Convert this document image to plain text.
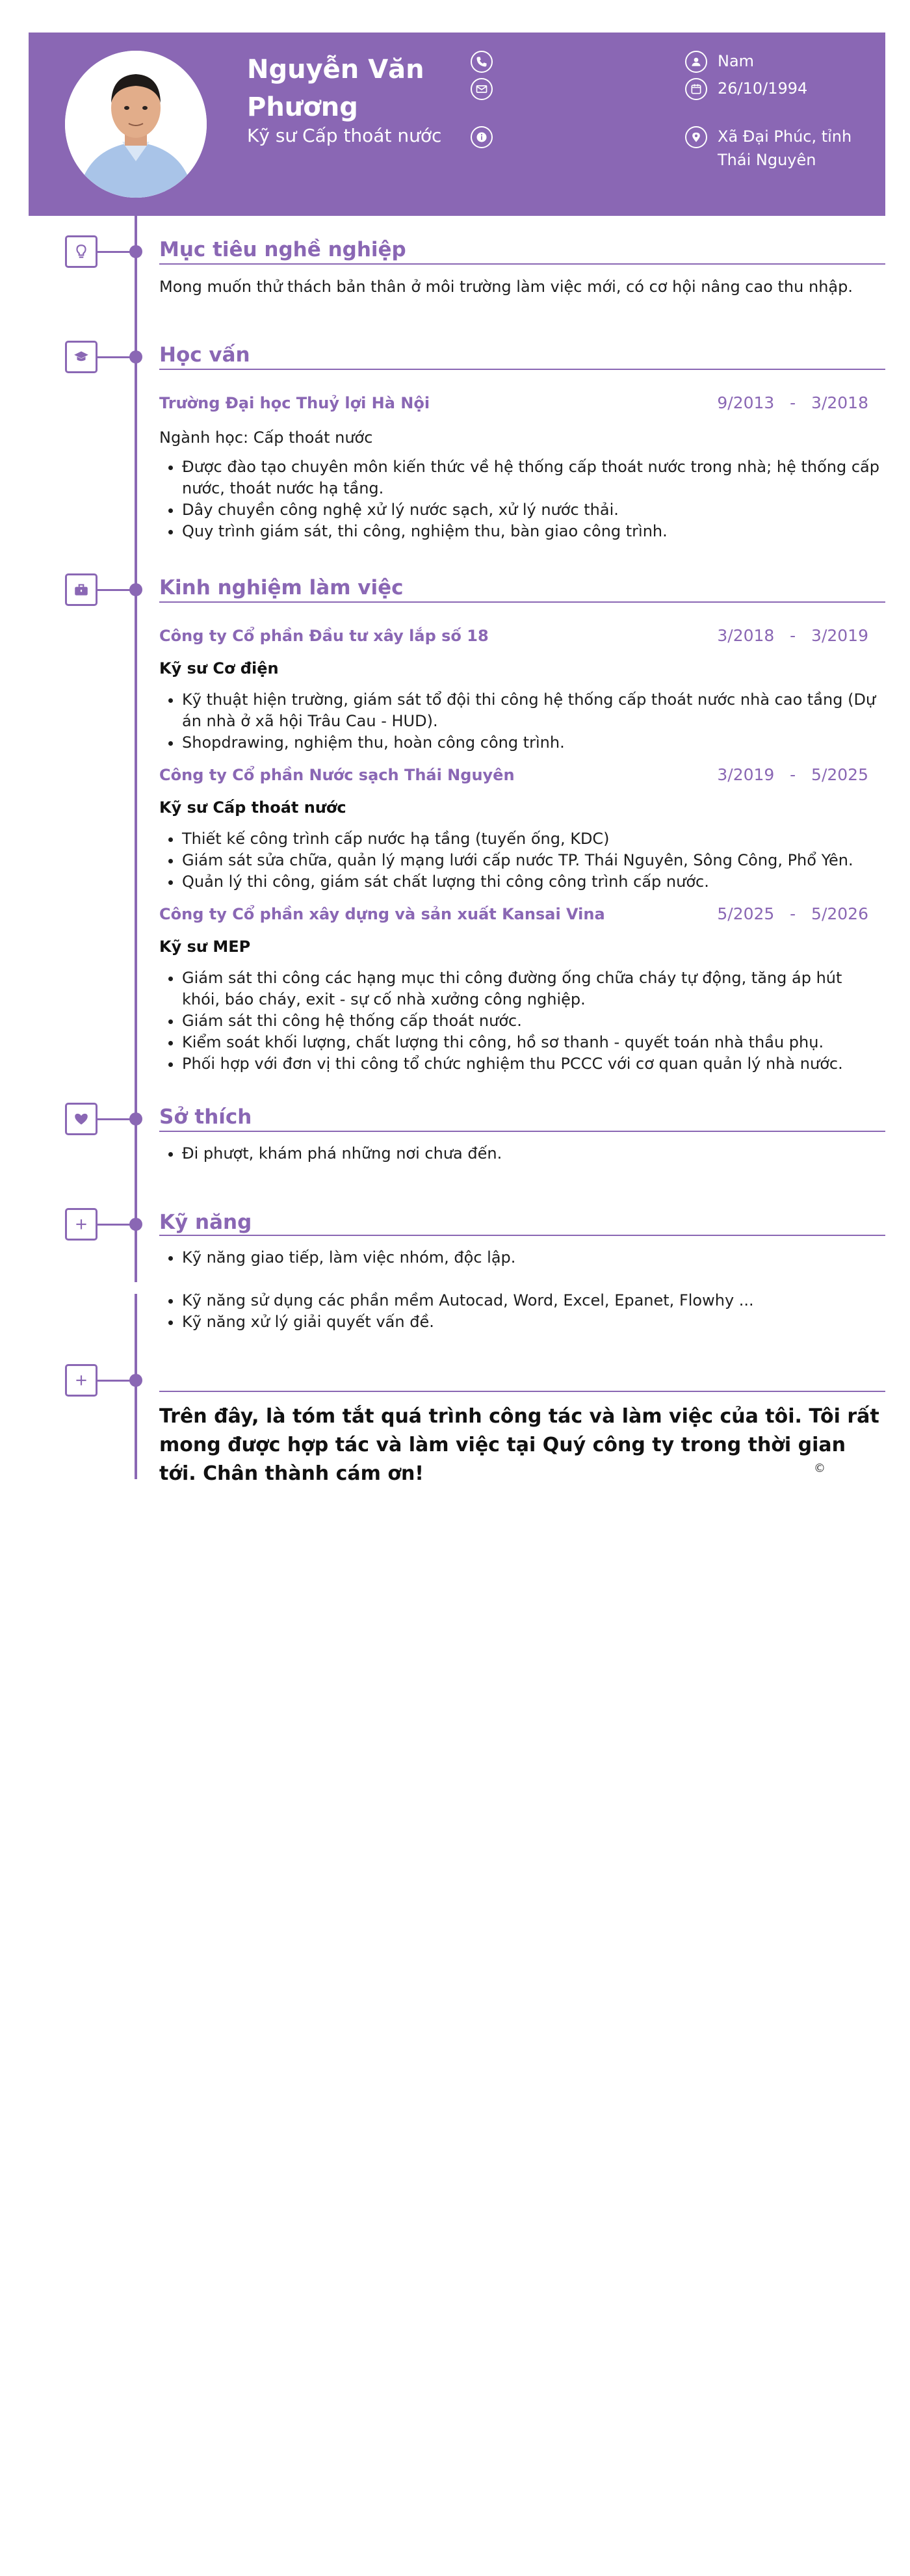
Nguyễn Văn Phương
Kỹ sư Cấp thoát nước
Nam
26/10/1994
Xã Đại Phúc, tỉnh Thái Nguyên
Mục tiêu nghề nghiệp
Mong muốn thử thách bản thân ở môi trường làm việc mới, có cơ hội nâng cao thu nhập.
Học vấn
Trường Đại học Thuỷ lợi Hà Nội	9/2013   -   3/2018
Ngành học: Cấp thoát nước
Được đào tạo chuyên môn kiến thức về hệ thống cấp thoát nước trong nhà; hệ thống cấp nước, thoát nước hạ tầng.
Dây chuyền công nghệ xử lý nước sạch, xử lý nước thải.
Quy trình giám sát, thi công, nghiệm thu, bàn giao công trình.
Kinh nghiệm làm việc
Công ty Cổ phần Đầu tư xây lắp số 18	3/2018   -   3/2019
Kỹ sư Cơ điện
Kỹ thuật hiện trường, giám sát tổ đội thi công hệ thống cấp thoát nước nhà cao tầng (Dự án nhà ở xã hội Trâu Cau - HUD).
Shopdrawing, nghiệm thu, hoàn công công trình.
Công ty Cổ phần Nước sạch Thái Nguyên	3/2019   -   5/2025
Kỹ sư Cấp thoát nước
Thiết kế công trình cấp nước hạ tầng (tuyến ống, KDC)
Giám sát sửa chữa, quản lý mạng lưới cấp nước TP. Thái Nguyên, Sông Công, Phổ Yên.
Quản lý thi công, giám sát chất lượng thi công công trình cấp nước.
Công ty Cổ phần xây dựng và sản xuất Kansai Vina	5/2025   -   5/2026
Kỹ sư MEP
Giám sát thi công các hạng mục thi công đường ống chữa cháy tự động, tăng áp hút khói, báo cháy, exit - sự cố nhà xưởng công nghiệp.
Giám sát thi công hệ thống cấp thoát nước.
Kiểm soát khối lượng, chất lượng thi công, hồ sơ thanh - quyết toán nhà thầu phụ.
Phối hợp với đơn vị thi công tổ chức nghiệm thu PCCC với cơ quan quản lý nhà nước.
Sở thích
Đi phượt, khám phá những nơi chưa đến.
Kỹ năng
Kỹ năng giao tiếp, làm việc nhóm, độc lập.
Kỹ năng sử dụng các phần mềm Autocad, Word, Excel, Epanet, Flowhy ...
Kỹ năng xử lý giải quyết vấn đề.
Trên đây, là tóm tắt quá trình công tác và làm việc của tôi. Tôi rất mong được hợp tác và làm việc tại Quý công ty trong thời gian tới. Chân thành cám ơn!	©
